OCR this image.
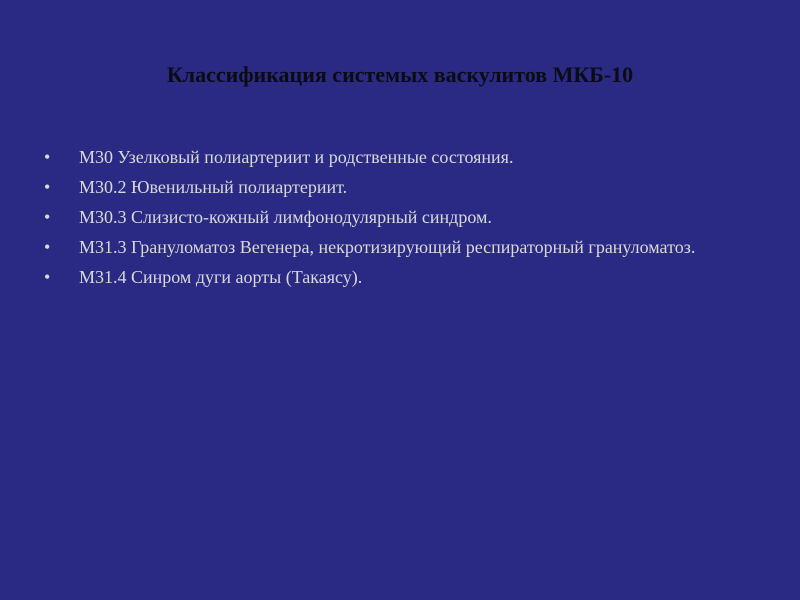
Классификация системых васкулитов МКБ-10
•	М30 Узелковый полиартериит и родственные состояния.
•	М30.2 Ювенильный полиартериит.
•	М30.3 Слизисто-кожный лимфонодулярный синдром.
•	М31.3 Грануломатоз Вегенера, некротизирующий респираторный грануломатоз.
•	М31.4 Синром дуги аорты (Такаясу).
